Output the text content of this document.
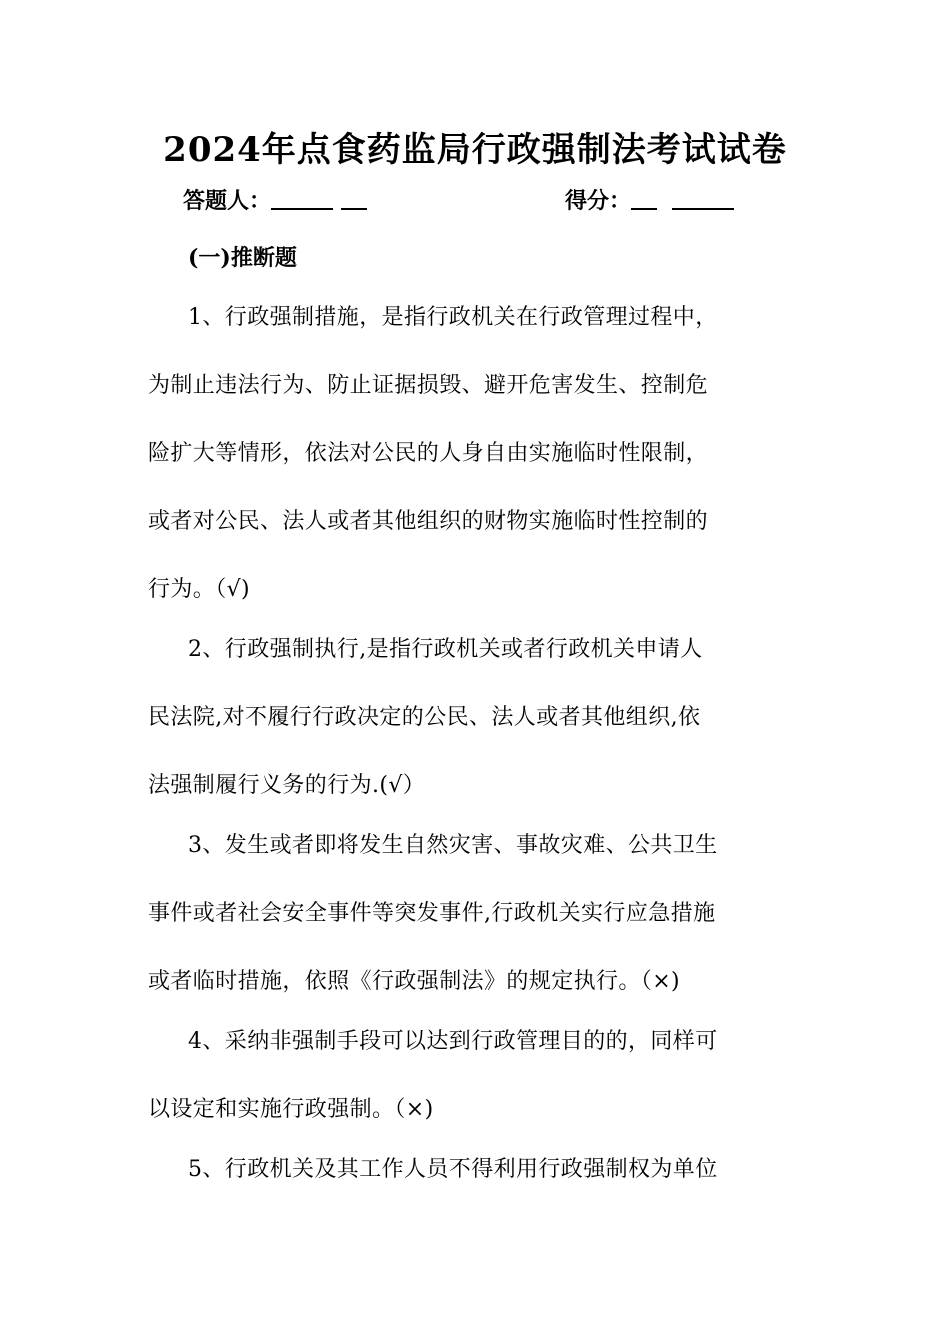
2024年点食药监局行政强制法考试试卷
答题人：	得分：
(一)推断题
1、行政强制措施，是指行政机关在行政管理过程中，
为制止违法行为、防止证据损毁、避开危害发生、控制危
险扩大等情形，依法对公民的人身自由实施临时性限制，
或者对公民、法人或者其他组织的财物实施临时性控制的
行为。（√)
2、行政强制执行,是指行政机关或者行政机关申请人
民法院,对不履行行政决定的公民、法人或者其他组织,依
法强制履行义务的行为.(√）
3、发生或者即将发生自然灾害、事故灾难、公共卫生
事件或者社会安全事件等突发事件,行政机关实行应急措施
或者临时措施，依照《行政强制法》的规定执行。（×)
4、采纳非强制手段可以达到行政管理目的的，同样可
以设定和实施行政强制。（×)
5、行政机关及其工作人员不得利用行政强制权为单位
